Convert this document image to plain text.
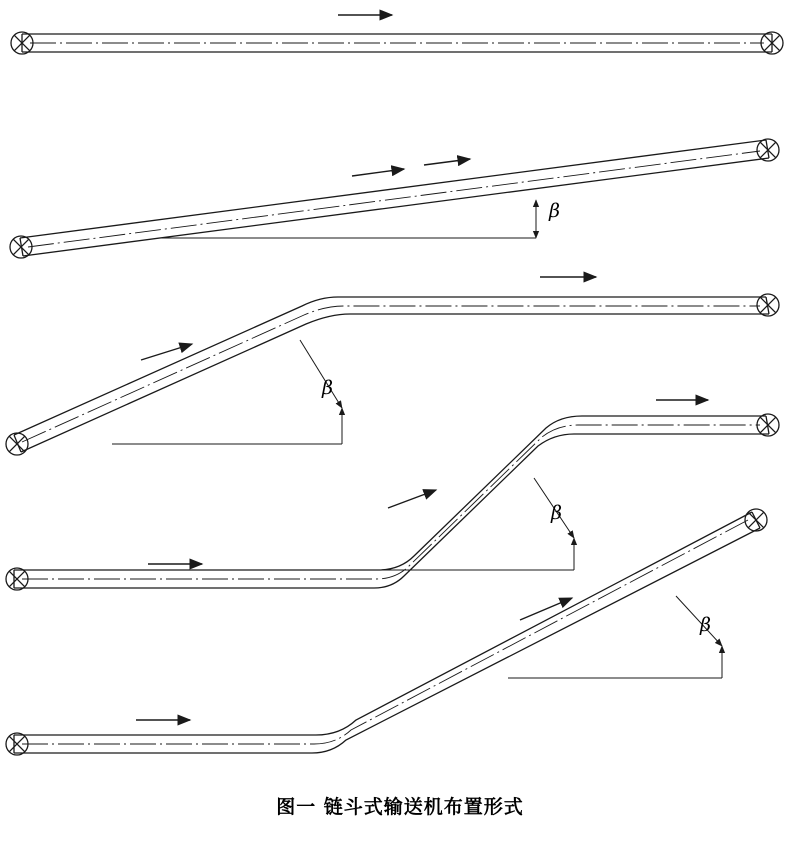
β
β
β
β
图一 链斗式输送机布置形式
